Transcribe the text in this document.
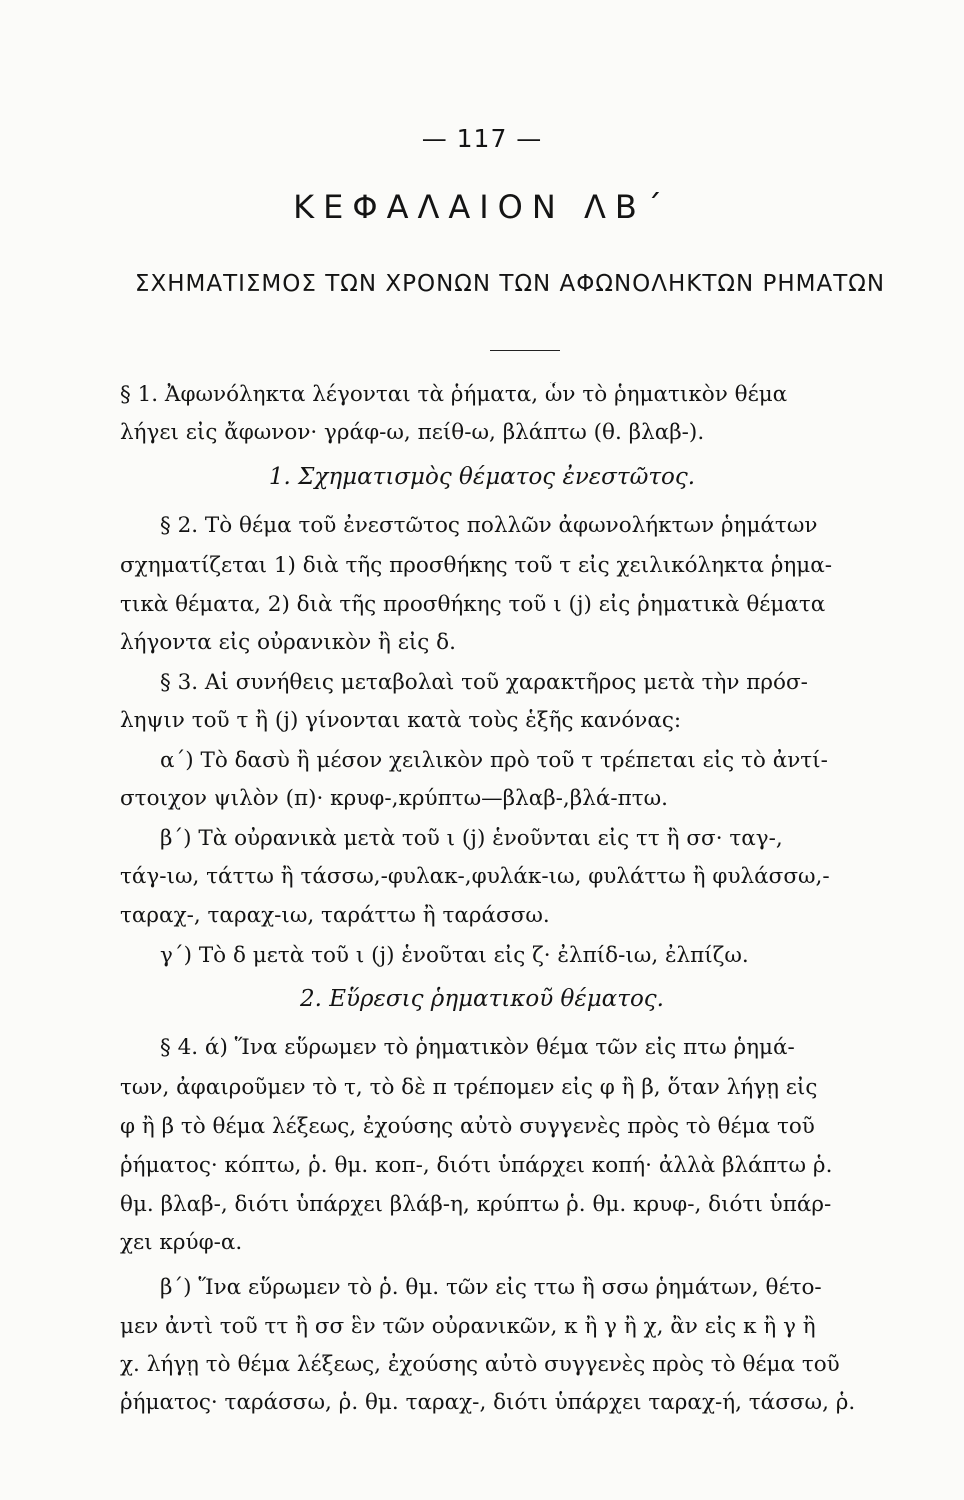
— 117 —
ΚΕΦΑΛΑΙΟΝ ΛΒ΄
ΣΧΗΜΑΤΙΣΜΟΣ ΤΩΝ ΧΡΟΝΩΝ ΤΩΝ ΑΦΩΝΟΛΗΚΤΩΝ ΡΗΜΑΤΩΝ
§ 1. Ἀφωνόληκτα λέγονται τὰ ῥήματα, ὧν τὸ ῥηματικὸν θέμα
λήγει εἰς ἄφωνον· γράφ-ω, πείθ-ω, βλάπτω (θ. βλαβ-).
1. Σχηματισμὸς θέματος ἐνεστῶτος.
§ 2. Τὸ θέμα τοῦ ἐνεστῶτος πολλῶν ἀφωνολήκτων ῥημάτων
σχηματίζεται 1) διὰ τῆς προσθήκης τοῦ τ εἰς χειλικόληκτα ῥημα-
τικὰ θέματα, 2) διὰ τῆς προσθήκης τοῦ ι (j) εἰς ῥηματικὰ θέματα
λήγοντα εἰς οὐρανικὸν ἢ εἰς δ.
§ 3. Αἱ συνήθεις μεταβολαὶ τοῦ χαρακτῆρος μετὰ τὴν πρόσ-
ληψιν τοῦ τ ἢ (j) γίνονται κατὰ τοὺς ἑξῆς κανόνας:
α΄) Τὸ δασὺ ἢ μέσον χειλικὸν πρὸ τοῦ τ τρέπεται εἰς τὸ ἀντί-
στοιχον ψιλὸν (π)· κρυφ-,κρύπτω—βλαβ-,βλά-πτω.
β΄) Τὰ οὐρανικὰ μετὰ τοῦ ι (j) ἑνοῦνται εἰς ττ ἢ σσ· ταγ-,
τάγ-ιω, τάττω ἢ τάσσω,-φυλακ-,φυλάκ-ιω, φυλάττω ἢ φυλάσσω,-
ταραχ-, ταραχ-ιω, ταράττω ἢ ταράσσω.
γ΄) Τὸ δ μετὰ τοῦ ι (j) ἑνοῦται εἰς ζ· ἐλπίδ-ιω, ἐλπίζω.
2. Εὕρεσις ῥηματικοῦ θέματος.
§ 4. ά) Ἵνα εὕρωμεν τὸ ῥηματικὸν θέμα τῶν εἰς πτω ῥημά-
των, ἀφαιροῦμεν τὸ τ, τὸ δὲ π τρέπομεν εἰς φ ἢ β, ὅταν λήγῃ εἰς
φ ἢ β τὸ θέμα λέξεως, ἐχούσης αὐτὸ συγγενὲς πρὸς τὸ θέμα τοῦ
ῥήματος· κόπτω, ῥ. θμ. κοπ-, διότι ὑπάρχει κοπή· ἀλλὰ βλάπτω ῥ.
θμ. βλαβ-, διότι ὑπάρχει βλάβ-η, κρύπτω ῥ. θμ. κρυφ-, διότι ὑπάρ-
χει κρύφ-α.
β΄) Ἵνα εὕρωμεν τὸ ῥ. θμ. τῶν εἰς ττω ἢ σσω ῥημάτων, θέτο-
μεν ἀντὶ τοῦ ττ ἢ σσ ἓν τῶν οὐρανικῶν, κ ἢ γ ἢ χ, ἂν εἰς κ ἢ γ ἢ
χ. λήγῃ τὸ θέμα λέξεως, ἐχούσης αὐτὸ συγγενὲς πρὸς τὸ θέμα τοῦ
ῥήματος· ταράσσω, ῥ. θμ. ταραχ-, διότι ὑπάρχει ταραχ-ή, τάσσω, ῥ.
